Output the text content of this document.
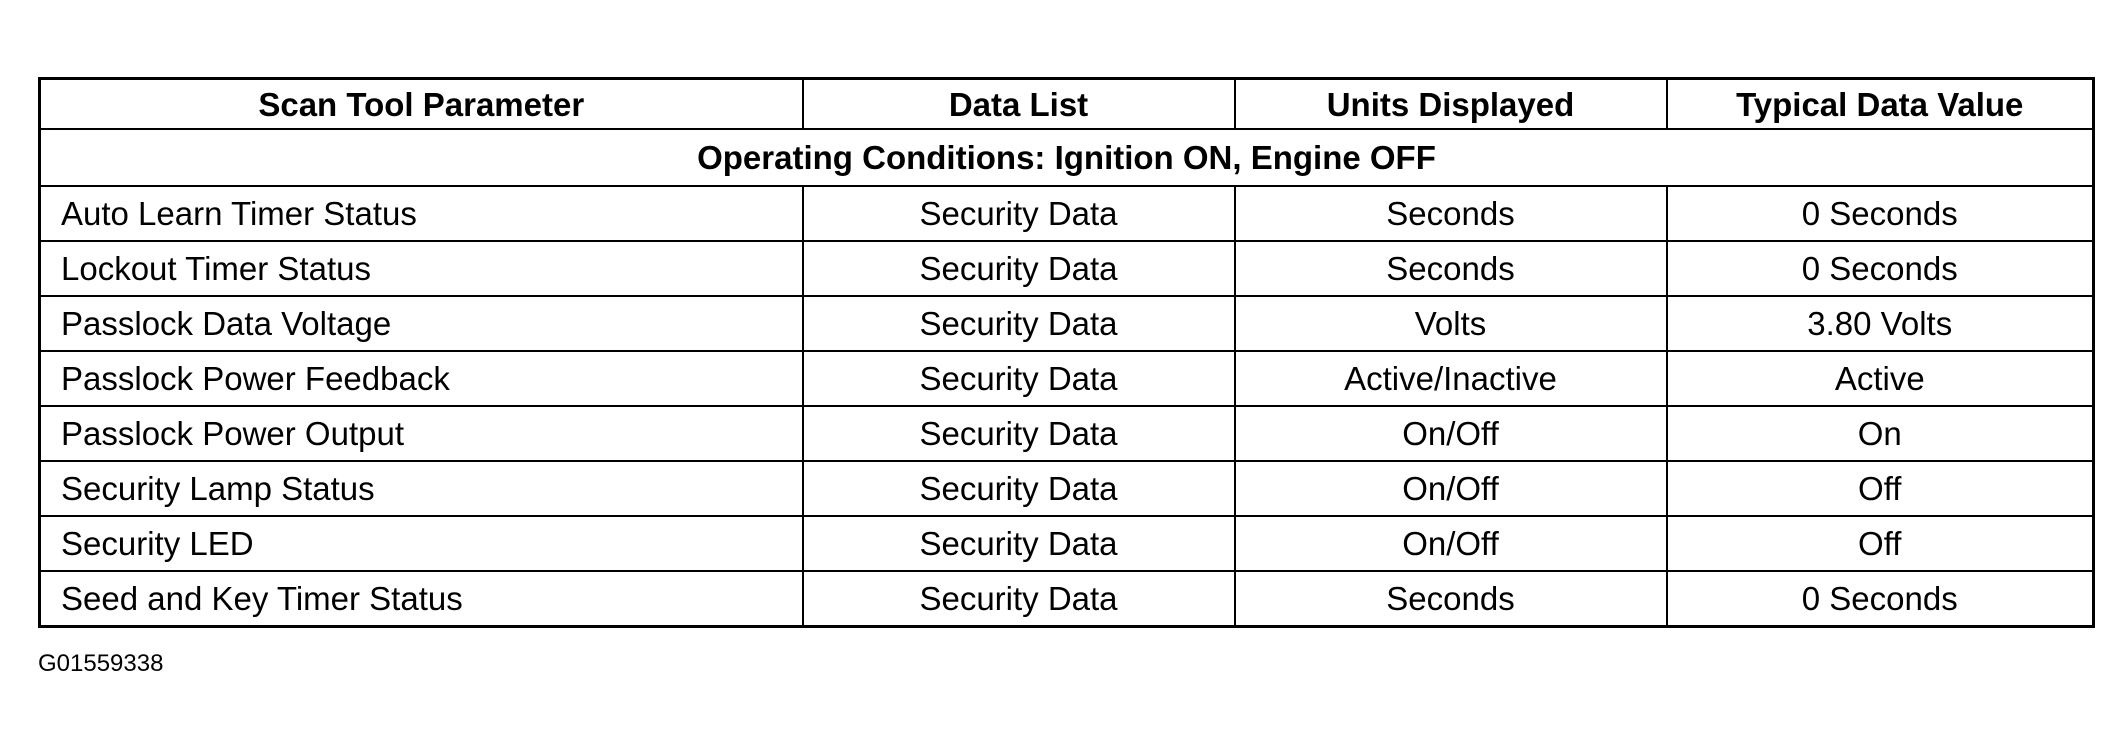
Scan Tool Parameter	Data List	Units Displayed	Typical Data Value
Operating Conditions: Ignition ON, Engine OFF			
Auto Learn Timer Status	Security Data	Seconds	0 Seconds
Lockout Timer Status	Security Data	Seconds	0 Seconds
Passlock Data Voltage	Security Data	Volts	3.80 Volts
Passlock Power Feedback	Security Data	Active/Inactive	Active
Passlock Power Output	Security Data	On/Off	On
Security Lamp Status	Security Data	On/Off	Off
Security LED	Security Data	On/Off	Off
Seed and Key Timer Status	Security Data	Seconds	0 Seconds
G01559338
